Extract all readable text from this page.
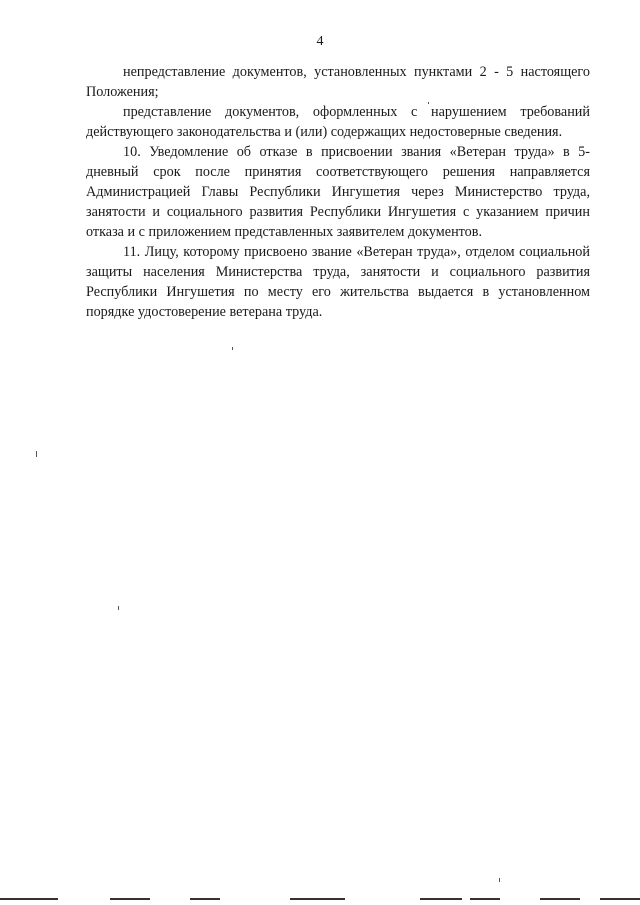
4

непредставление документов, установленных пунктами 2 - 5 настоящего Положения;

представление документов, оформленных с нарушением требований действующего законодательства и (или) содержащих недостоверные сведения.

10. Уведомление об отказе в присвоении звания «Ветеран труда» в 5-дневный срок после принятия соответствующего решения направляется Администрацией Главы Республики Ингушетия через Министерство труда, занятости и социального развития Республики Ингушетия с указанием причин отказа и с приложением представленных заявителем документов.

11. Лицу, которому присвоено звание «Ветеран труда», отделом социальной защиты населения Министерства труда, занятости и социального развития Республики Ингушетия по месту его жительства выдается в установленном порядке удостоверение ветерана труда.
